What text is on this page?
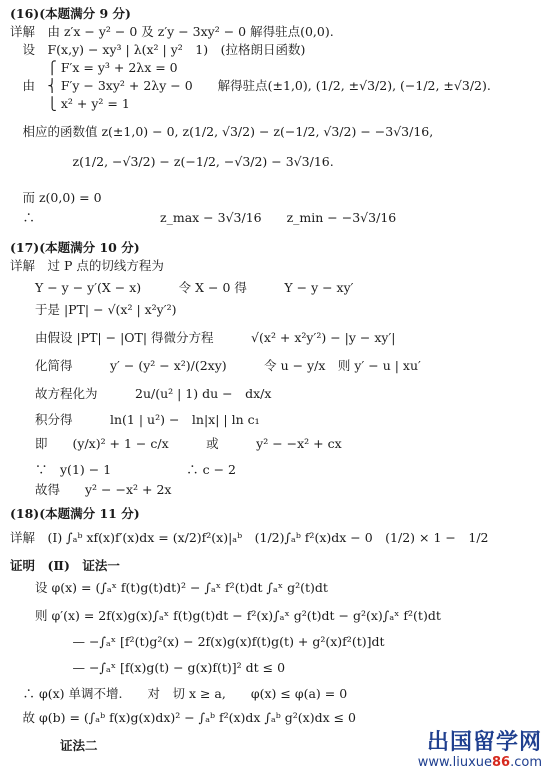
(16)(本题满分 9 分)
详解　由 z′x − y² − 0 及 z′y − 3xy² − 0 解得驻点(0,0).
　设　F(x,y) − xy³ | λ(x² | y²　1)　(拉格朗日函数)
　　　⎧ F′x = y³ + 2λx = 0
　由　⎨ F′y − 3xy² + 2λy − 0　　解得驻点(±1,0), (1/2, ±√3/2), (−1/2, ±√3/2).
　　　⎩ x² + y² = 1
　相应的函数值 z(±1,0) − 0, z(1/2, √3/2) − z(−1/2, √3/2) − −3√3/16,
　　　　　z(1/2, −√3/2) − z(−1/2, −√3/2) − 3√3/16.
　而 z(0,0) = 0
　∴　　　　　　　　　　z_max − 3√3/16　　z_min − −3√3/16
(17)(本题满分 10 分)
详解　过 P 点的切线方程为
　　Y − y − y′(X − x)　　　令 X − 0 得　　　Y − y − xy′
　　于是 |PT| − √(x² | x²y′²)
　　由假设 |PT| − |OT| 得微分方程　　　√(x² + x²y′²) − |y − xy′|
　　化简得　　　y′ − (y² − x²)/(2xy)　　　令 u − y/x　则 y′ − u | xu′
　　故方程化为　　　2u/(u² | 1) du −　dx/x
　　积分得　　　ln(1 | u²) −　ln|x| | ln c₁
　　即　　(y/x)² + 1 − c/x　　　或　　　y² − −x² + cx
　　∵　y(1) − 1　　　　　　∴ c − 2
　　故得　　y² − −x² + 2x
(18)(本题满分 11 分)
详解　(Ⅰ) ∫ₐᵇ xf(x)f′(x)dx = (x/2)f²(x)|ₐᵇ　(1/2)∫ₐᵇ f²(x)dx − 0　(1/2) × 1 −　1/2
证明　(Ⅱ)　证法一
　　设 φ(x) = (∫ₐˣ f(t)g(t)dt)² − ∫ₐˣ f²(t)dt ∫ₐˣ g²(t)dt
　　则 φ′(x) = 2f(x)g(x)∫ₐˣ f(t)g(t)dt − f²(x)∫ₐˣ g²(t)dt − g²(x)∫ₐˣ f²(t)dt
　　　　　— −∫ₐˣ [f²(t)g²(x) − 2f(x)g(x)f(t)g(t) + g²(x)f²(t)]dt
　　　　　— −∫ₐˣ [f(x)g(t) − g(x)f(t)]² dt ≤ 0
　∴ φ(x) 单调不增.　　对　切 x ≥ a,　　φ(x) ≤ φ(a) = 0
　故 φ(b) = (∫ₐᵇ f(x)g(x)dx)² − ∫ₐᵇ f²(x)dx ∫ₐᵇ g²(x)dx ≤ 0
　　　　证法二	出国留学网
www.liuxue86.com
